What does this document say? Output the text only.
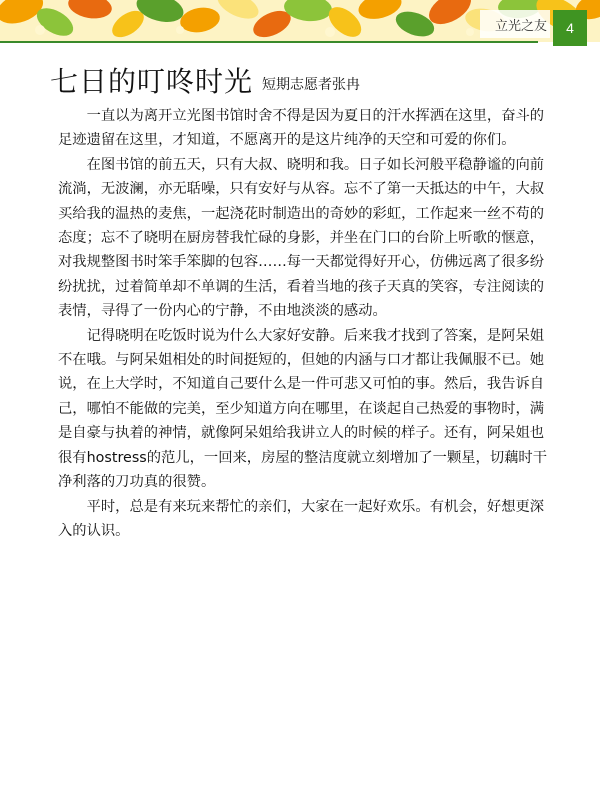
立光之友	4
七日的叮咚时光 短期志愿者张冉

一直以为离开立光图书馆时舍不得是因为夏日的汗水挥洒在这里，奋斗的足迹遗留在这里，才知道，不愿离开的是这片纯净的天空和可爱的你们。

在图书馆的前五天，只有大叔、晓明和我。日子如长河般平稳静谧的向前流淌，无波澜，亦无聒噪，只有安好与从容。忘不了第一天抵达的中午，大叔买给我的温热的麦焦，一起浇花时制造出的奇妙的彩虹，工作起来一丝不苟的态度；忘不了晓明在厨房替我忙碌的身影，并坐在门口的台阶上听歌的惬意，对我规整图书时笨手笨脚的包容……每一天都觉得好开心，仿佛远离了很多纷纷扰扰，过着简单却不单调的生活，看着当地的孩子天真的笑容，专注阅读的表情，寻得了一份内心的宁静，不由地淡淡的感动。

记得晓明在吃饭时说为什么大家好安静。后来我才找到了答案，是阿呆姐不在哦。与阿呆姐相处的时间挺短的，但她的内涵与口才都让我佩服不已。她说，在上大学时，不知道自己要什么是一件可悲又可怕的事。然后，我告诉自己，哪怕不能做的完美，至少知道方向在哪里，在谈起自己热爱的事物时，满是自豪与执着的神情，就像阿呆姐给我讲立人的时候的样子。还有，阿呆姐也很有hostress的范儿，一回来，房屋的整洁度就立刻增加了一颗星，切藕时干净利落的刀功真的很赞。

平时，总是有来玩来帮忙的亲们，大家在一起好欢乐。有机会，好想更深入的认识。
